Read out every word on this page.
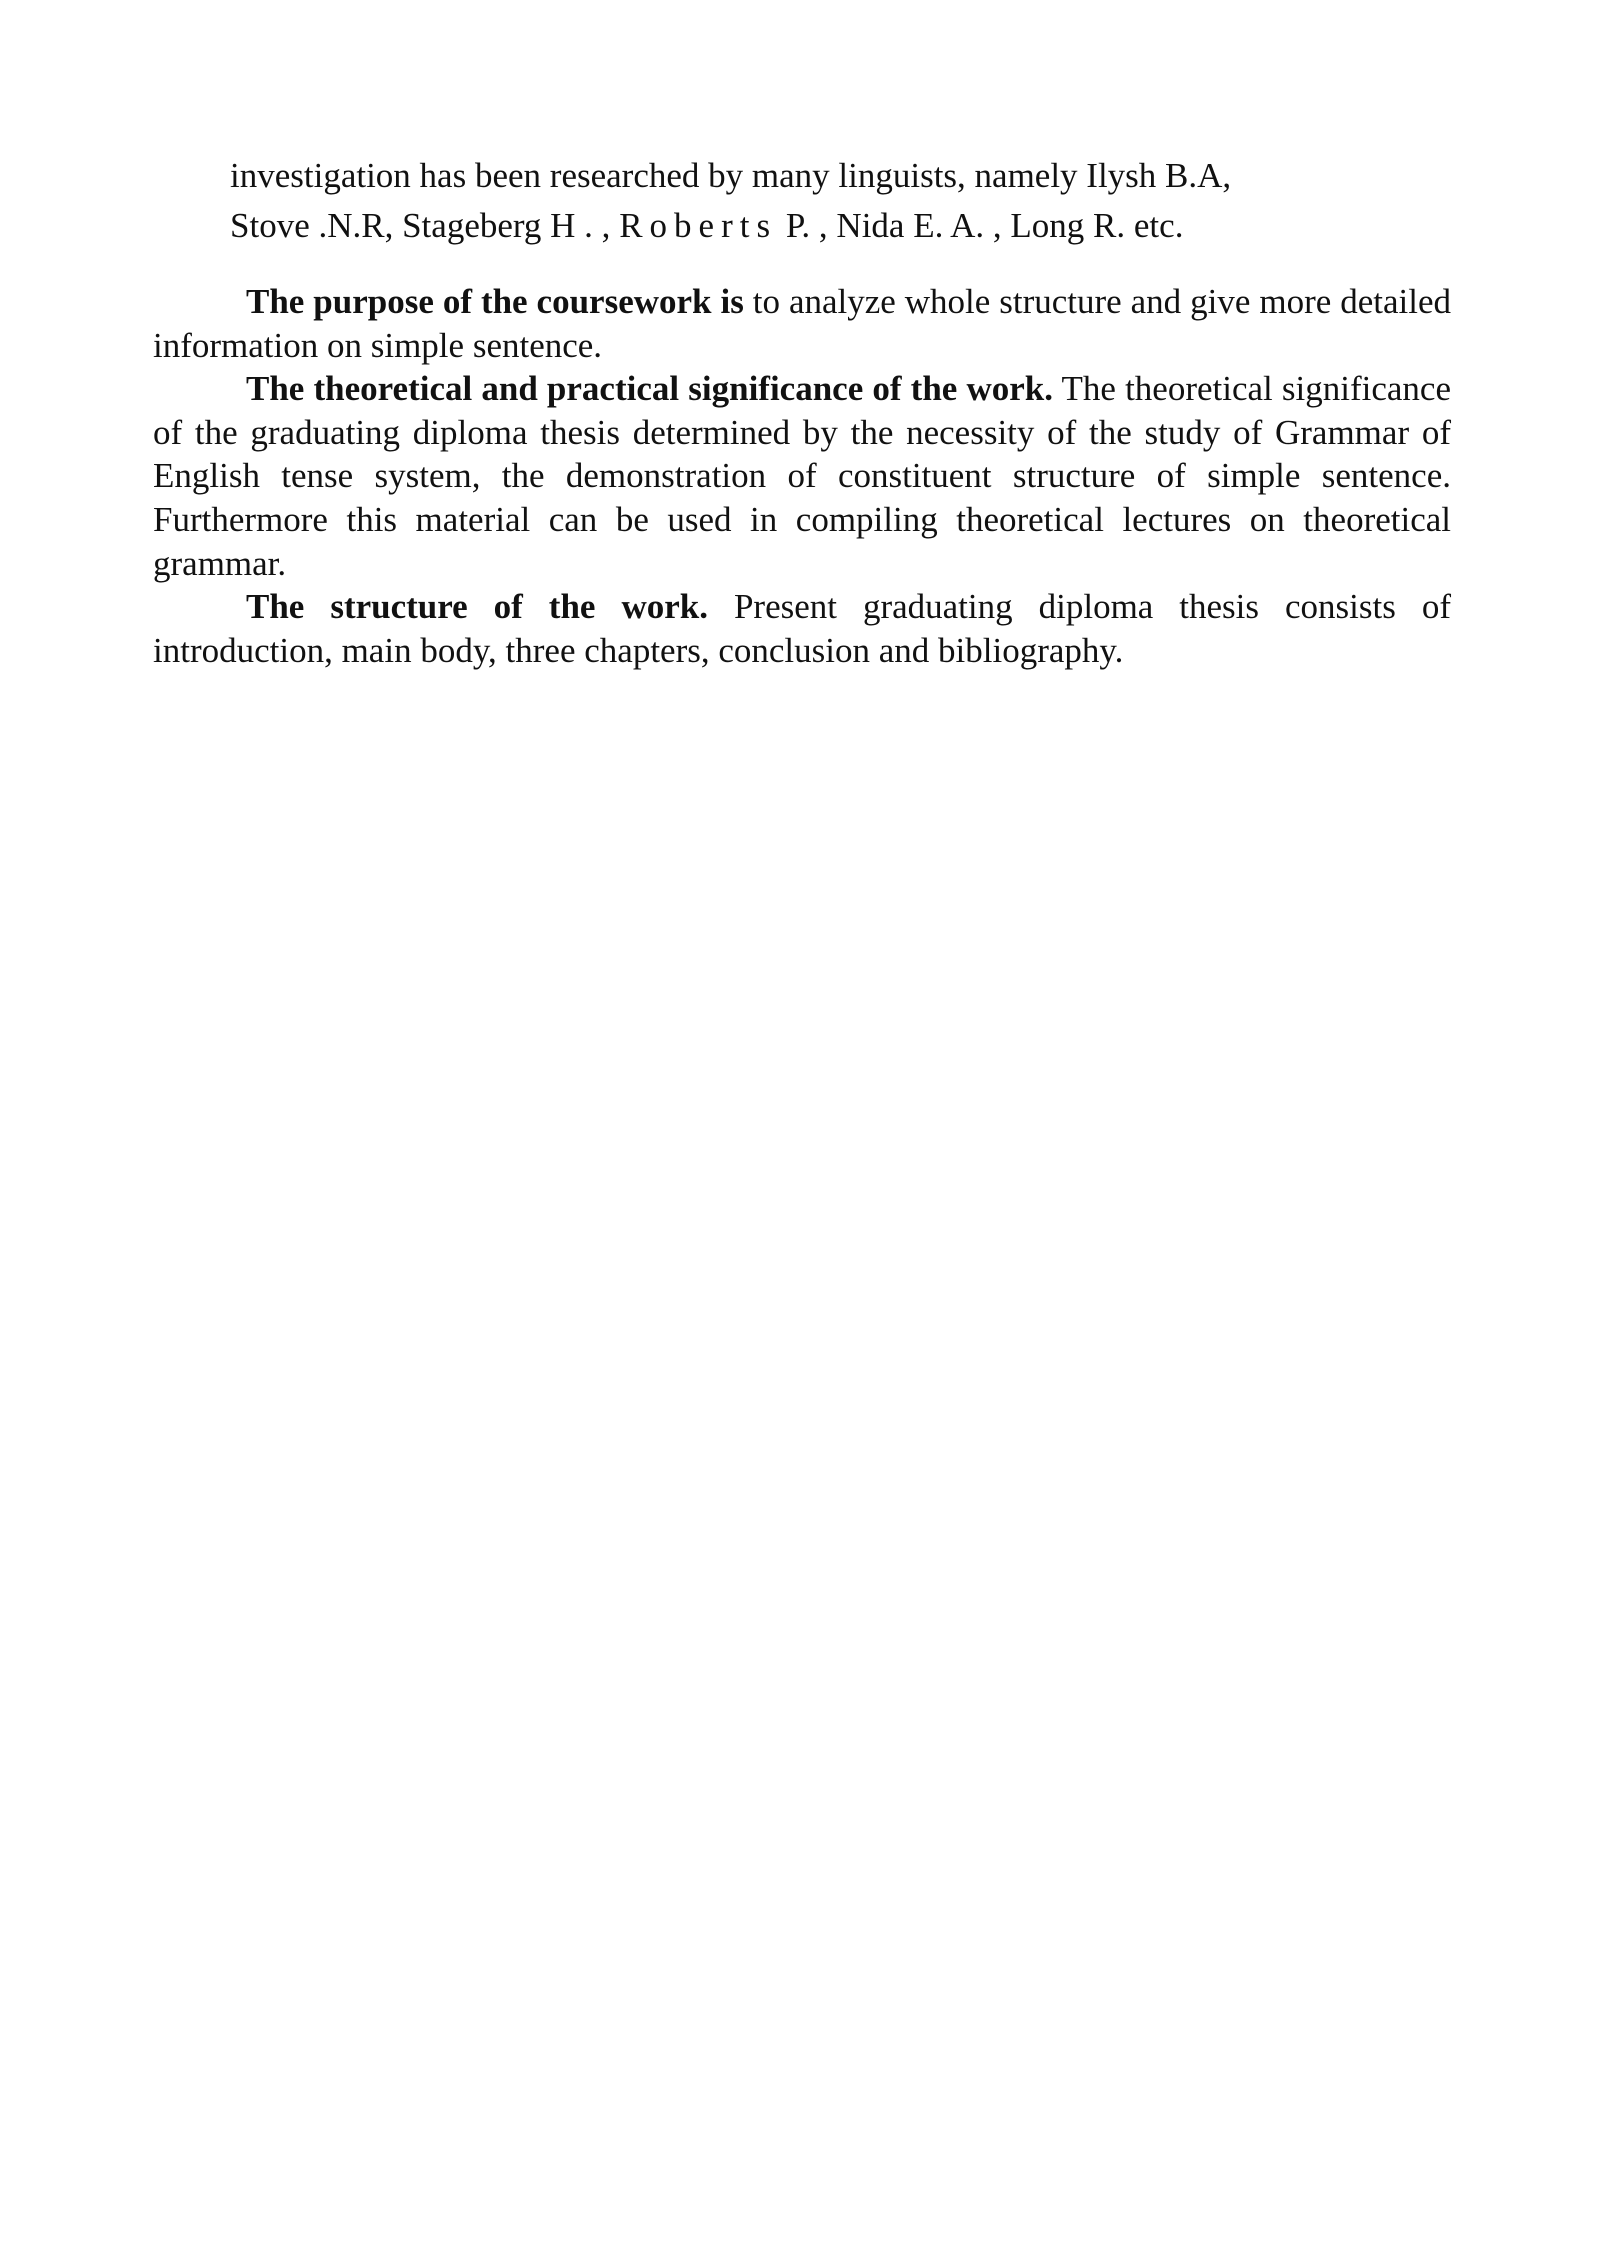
investigation has been researched by many linguists, namely Ilysh B.A,
Stove .N.R, Stageberg H . , Roberts P. , Nida E. A. , Long R. etc.

The purpose of the coursework is to analyze whole structure and give more detailed information on simple sentence.

The theoretical and practical significance of the work. The theoretical significance of the graduating diploma thesis determined by the necessity of the study of Grammar of English tense system, the demonstration of constituent structure of simple sentence. Furthermore this material can be used in compiling theoretical lectures on theoretical grammar.

The structure of the work. Present graduating diploma thesis consists of introduction, main body, three chapters, conclusion and bibliography.
